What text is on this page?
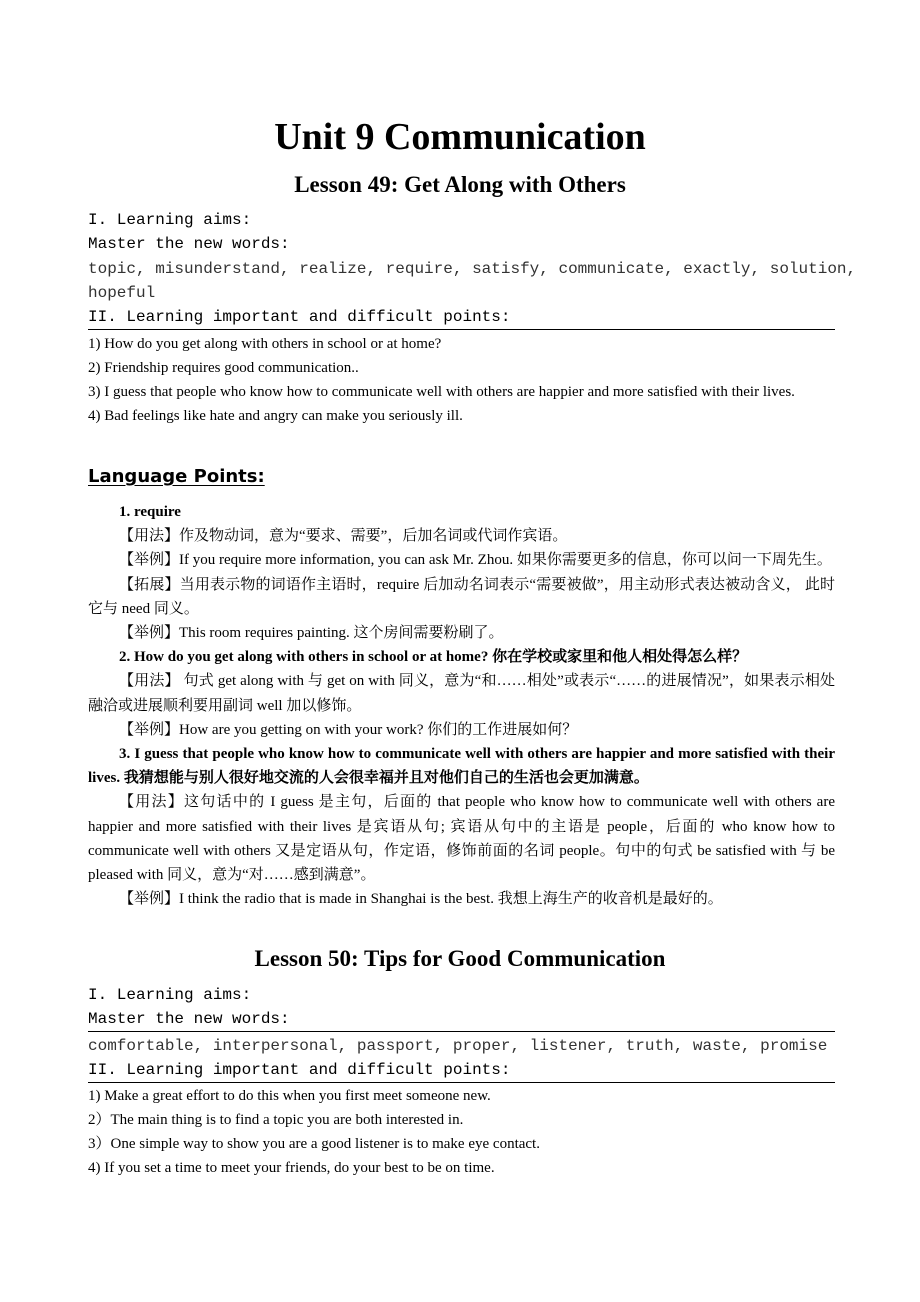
Unit 9 Communication
Lesson 49: Get Along with Others
I. Learning aims:
Master the new words:
topic, misunderstand, realize, require, satisfy, communicate, exactly, solution,
hopeful
II. Learning important and difficult points:
1) How do you get along with others in school or at home?
2) Friendship requires good communication..
3) I guess that people who know how to communicate well with others are happier and more satisfied with their lives.
4) Bad feelings like hate and angry can make you seriously ill.
Language Points:

1. require

【用法】作及物动词，意为“要求、需要”，后加名词或代词作宾语。

【举例】If you require more information, you can ask Mr. Zhou. 如果你需要更多的信息，你可以问一下周先生。

【拓展】当用表示物的词语作主语时，require 后加动名词表示“需要被做”，用主动形式表达被动含义， 此时它与 need 同义。

【举例】This room requires painting. 这个房间需要粉刷了。

2. How do you get along with others in school or at home? 你在学校或家里和他人相处得怎么样？

【用法】 句式 get along with 与 get on with 同义，意为“和……相处”或表示“……的进展情况”，如果表示相处融洽或进展顺利要用副词 well 加以修饰。

【举例】How are you getting on with your work? 你们的工作进展如何？

3. I guess that people who know how to communicate well with others are happier and more satisfied with their lives. 我猜想能与别人很好地交流的人会很幸福并且对他们自己的生活也会更加满意。

【用法】这句话中的 I guess 是主句，后面的 that people who know how to communicate well with others are happier and more satisfied with their lives 是宾语从句; 宾语从句中的主语是 people，后面的 who know how to communicate well with others 又是定语从句，作定语，修饰前面的名词 people。句中的句式 be satisfied with 与 be pleased with 同义，意为“对……感到满意”。

【举例】I think the radio that is made in Shanghai is the best. 我想上海生产的收音机是最好的。

Lesson 50: Tips for Good Communication
I. Learning aims:
Master the new words:
comfortable, interpersonal, passport, proper, listener, truth, waste, promise
II. Learning important and difficult points:
1) Make a great effort to do this when you first meet someone new.
2）The main thing is to find a topic you are both interested in.
3）One simple way to show you are a good listener is to make eye contact.
4) If you set a time to meet your friends, do your best to be on time.
